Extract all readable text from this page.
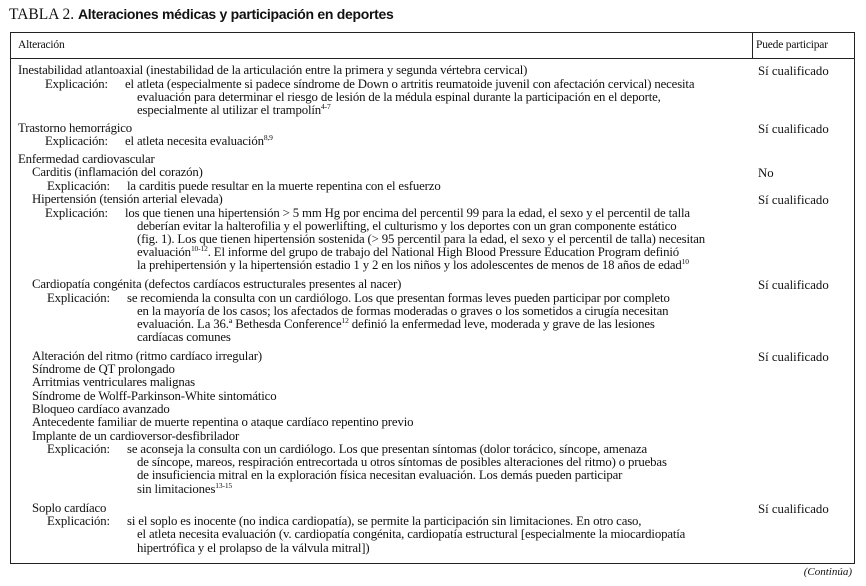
TABLA 2. Alteraciones médicas y participación en deportes
Alteración	Puede participar
Inestabilidad atlantoaxial (inestabilidad de la articulación entre la primera y segunda vértebra cervical)	Sí cualificado
Explicación: el atleta (especialmente si padece síndrome de Down o artritis reumatoide juvenil con afectación cervical) necesita
evaluación para determinar el riesgo de lesión de la médula espinal durante la participación en el deporte,
especialmente al utilizar el trampolín$^{4-7}$
Trastorno hemorrágico	Sí cualificado
Explicación: el atleta necesita evaluación$^{8,9}$
Enfermedad cardiovascular
Carditis (inflamación del corazón)	No
Explicación: la carditis puede resultar en la muerte repentina con el esfuerzo
Hipertensión (tensión arterial elevada)	Sí cualificado
Explicación: los que tienen una hipertensión > 5 mm Hg por encima del percentil 99 para la edad, el sexo y el percentil de talla
deberían evitar la halterofilia y el powerlifting, el culturismo y los deportes con un gran componente estático
(fig. 1). Los que tienen hipertensión sostenida (> 95 percentil para la edad, el sexo y el percentil de talla) necesitan
evaluación$^{10-12}$. El informe del grupo de trabajo del National High Blood Pressure Education Program definió
la prehipertensión y la hipertensión estadio 1 y 2 en los niños y los adolescentes de menos de 18 años de edad$^{10}$
Cardiopatía congénita (defectos cardíacos estructurales presentes al nacer)	Sí cualificado
Explicación: se recomienda la consulta con un cardiólogo. Los que presentan formas leves pueden participar por completo
en la mayoría de los casos; los afectados de formas moderadas o graves o los sometidos a cirugía necesitan
evaluación. La 36.ª Bethesda Conference$^{12}$ definió la enfermedad leve, moderada y grave de las lesiones
cardíacas comunes
Alteración del ritmo (ritmo cardíaco irregular)	Sí cualificado
Síndrome de QT prolongado
Arritmias ventriculares malignas
Síndrome de Wolff-Parkinson-White sintomático
Bloqueo cardíaco avanzado
Antecedente familiar de muerte repentina o ataque cardíaco repentino previo
Implante de un cardioversor-desfibrilador
Explicación: se aconseja la consulta con un cardiólogo. Los que presentan síntomas (dolor torácico, síncope, amenaza
de síncope, mareos, respiración entrecortada u otros síntomas de posibles alteraciones del ritmo) o pruebas
de insuficiencia mitral en la exploración física necesitan evaluación. Los demás pueden participar
sin limitaciones$^{13-15}$
Soplo cardíaco	Sí cualificado
Explicación: si el soplo es inocente (no indica cardiopatía), se permite la participación sin limitaciones. En otro caso,
el atleta necesita evaluación (v. cardiopatía congénita, cardiopatía estructural [especialmente la miocardiopatía
hipertrófica y el prolapso de la válvula mitral])
(Continúa)
